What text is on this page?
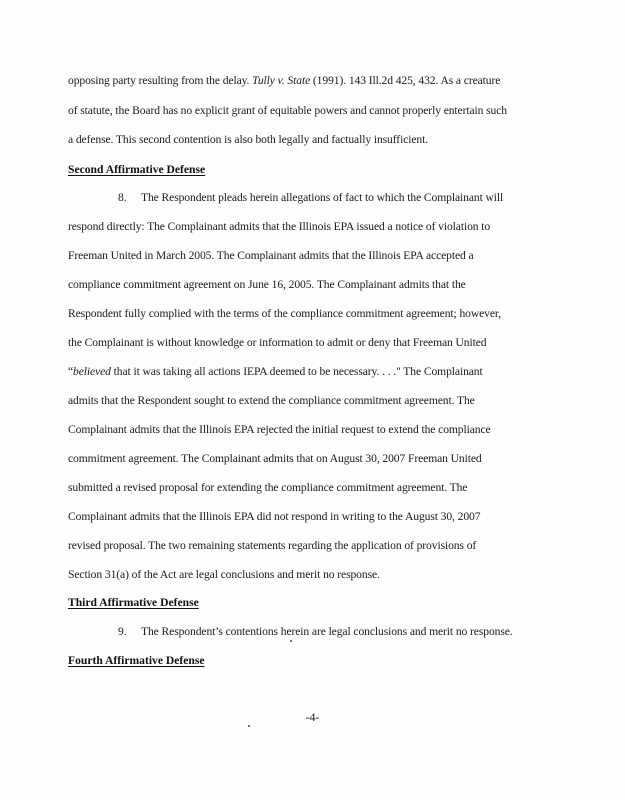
opposing party resulting from the delay. Tully v. State (1991). 143 Ill.2d 425, 432. As a creature
of statute, the Board has no explicit grant of equitable powers and cannot properly entertain such
a defense. This second contention is also both legally and factually insufficient.
Second Affirmative Defense
8. The Respondent pleads herein allegations of fact to which the Complainant will
respond directly: The Complainant admits that the Illinois EPA issued a notice of violation to
Freeman United in March 2005. The Complainant admits that the Illinois EPA accepted a
compliance commitment agreement on June 16, 2005. The Complainant admits that the
Respondent fully complied with the terms of the compliance commitment agreement; however,
the Complainant is without knowledge or information to admit or deny that Freeman United
“believed that it was taking all actions IEPA deemed to be necessary. . . ." The Complainant
admits that the Respondent sought to extend the compliance commitment agreement. The
Complainant admits that the Illinois EPA rejected the initial request to extend the compliance
commitment agreement. The Complainant admits that on August 30, 2007 Freeman United
submitted a revised proposal for extending the compliance commitment agreement. The
Complainant admits that the Illinois EPA did not respond in writing to the August 30, 2007
revised proposal. The two remaining statements regarding the application of provisions of
Section 31(a) of the Act are legal conclusions and merit no response.
Third Affirmative Defense
9. The Respondent’s contentions herein are legal conclusions and merit no response.
Fourth Affirmative Defense
-4-
